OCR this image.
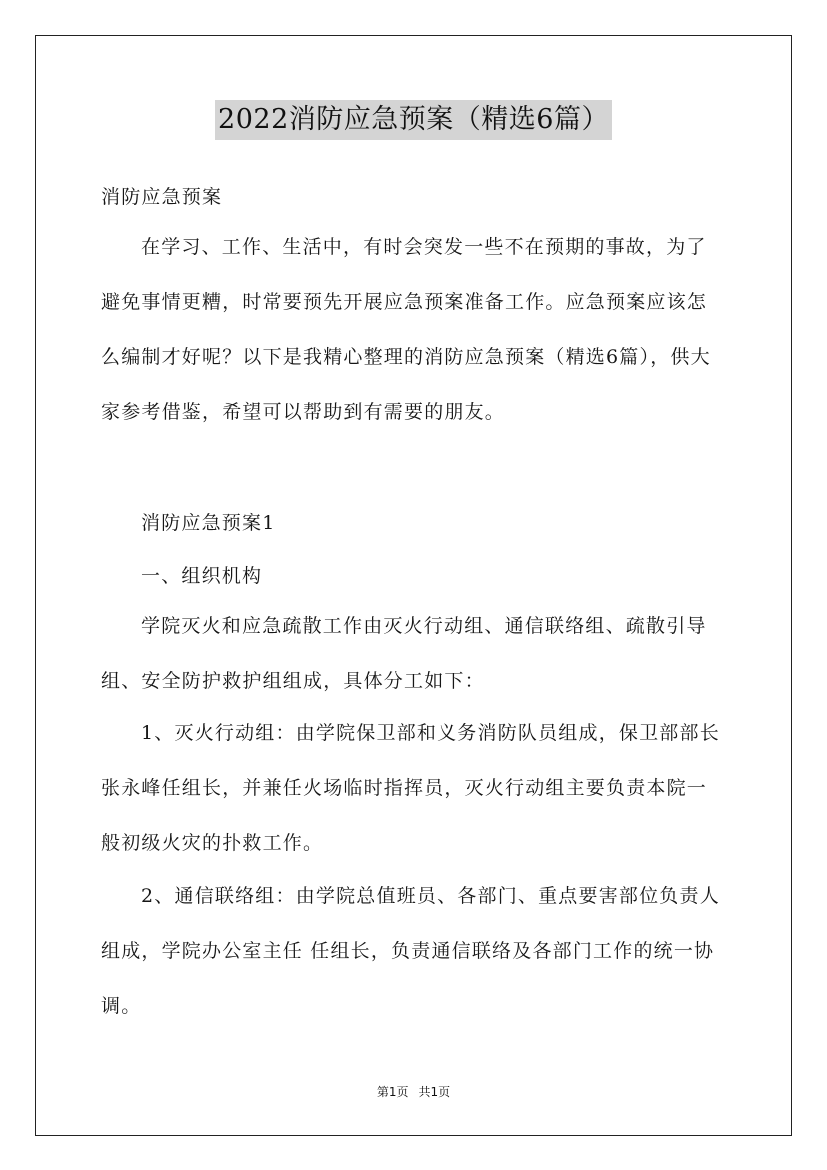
2022消防应急预案（精选6篇）
消防应急预案
在学习、工作、生活中，有时会突发一些不在预期的事故，为了
避免事情更糟，时常要预先开展应急预案准备工作。应急预案应该怎
么编制才好呢？以下是我精心整理的消防应急预案（精选6篇），供大
家参考借鉴，希望可以帮助到有需要的朋友。
消防应急预案1
一、组织机构
学院灭火和应急疏散工作由灭火行动组、通信联络组、疏散引导
组、安全防护救护组组成，具体分工如下：
1、灭火行动组：由学院保卫部和义务消防队员组成，保卫部部长
张永峰任组长，并兼任火场临时指挥员，灭火行动组主要负责本院一
般初级火灾的扑救工作。
2、通信联络组：由学院总值班员、各部门、重点要害部位负责人
组成，学院办公室主任 任组长，负责通信联络及各部门工作的统一协
调。
第1页 共1页
